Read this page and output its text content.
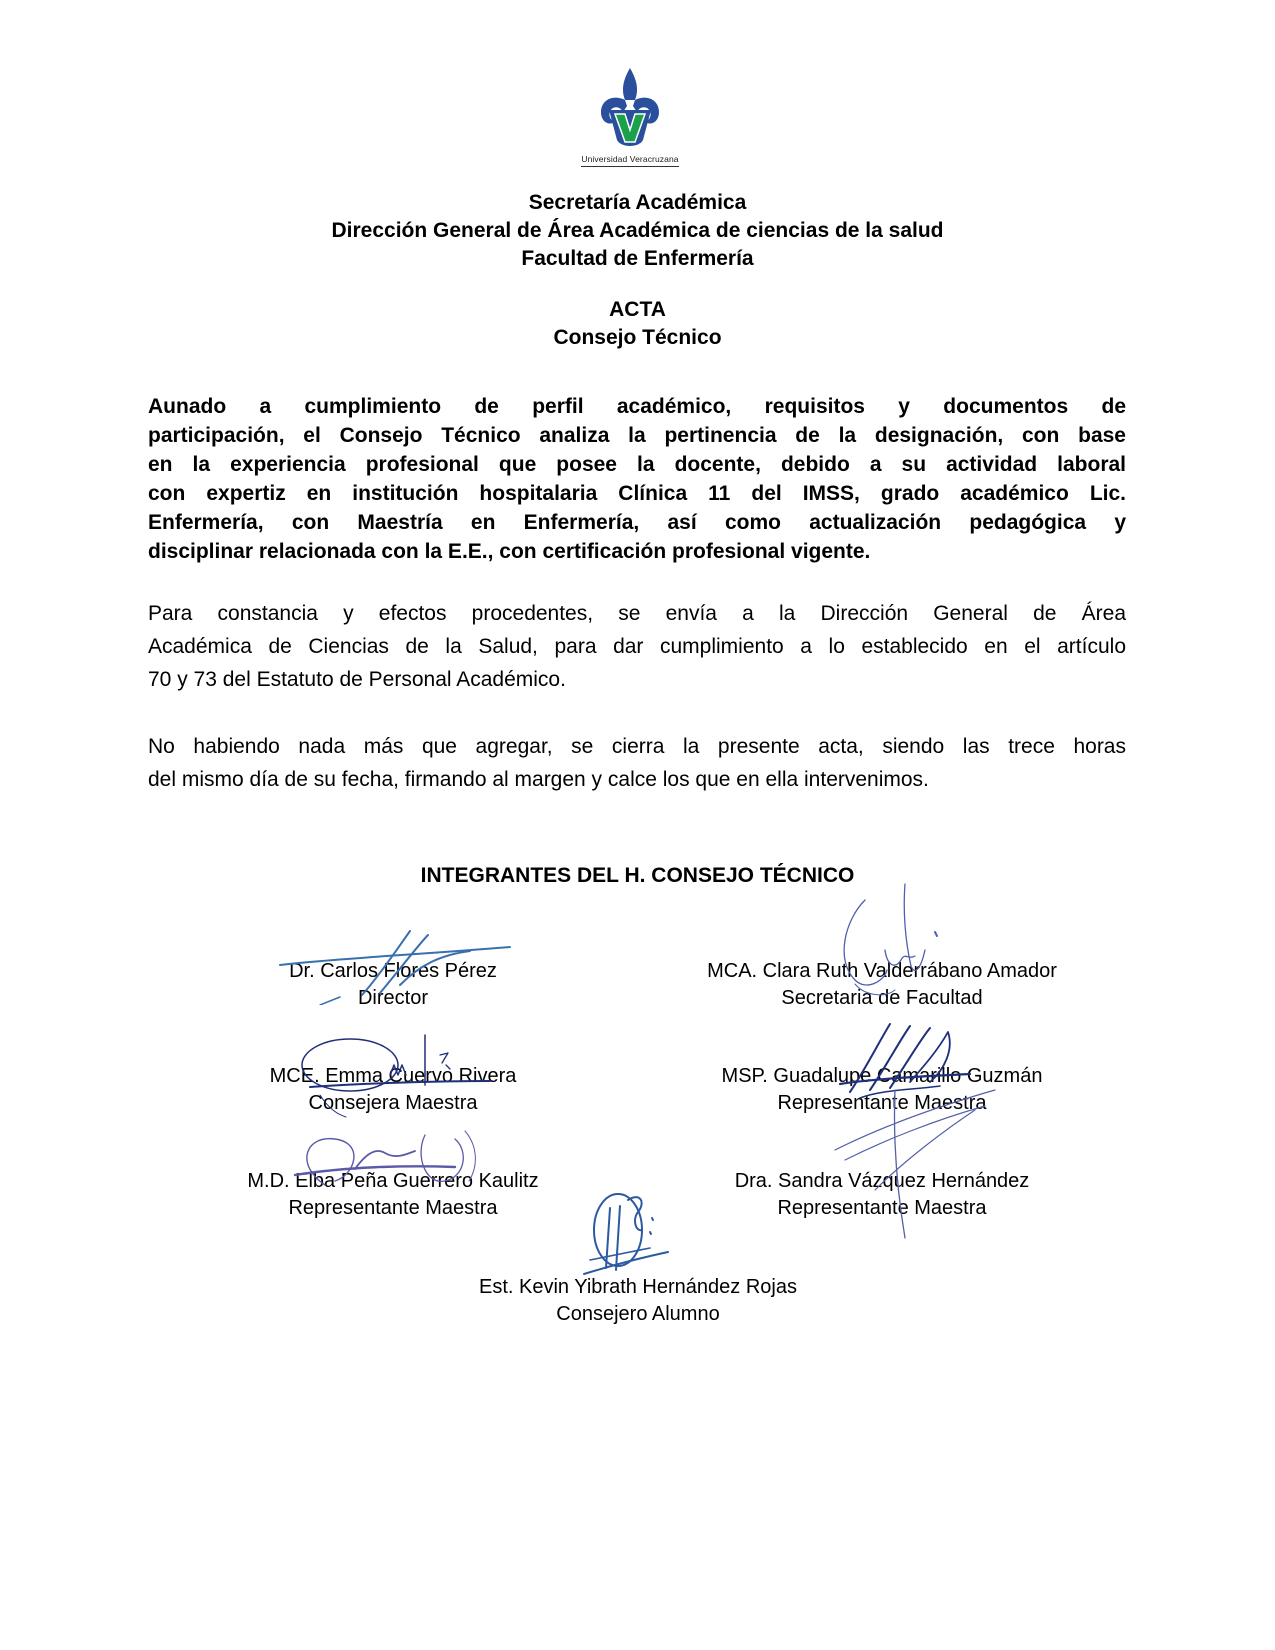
Universidad Veracruzana
Secretaría Académica
Dirección General de Área Académica de ciencias de la salud
Facultad de Enfermería
ACTA
Consejo Técnico
Aunado a cumplimiento de perfil académico, requisitos y documentos de
participación, el Consejo Técnico analiza la pertinencia de la designación, con base
en la experiencia profesional que posee la docente, debido a su actividad laboral
con expertiz en institución hospitalaria Clínica 11 del IMSS, grado académico Lic.
Enfermería, con Maestría en Enfermería, así como actualización pedagógica y
disciplinar relacionada con la E.E., con certificación profesional vigente.
Para constancia y efectos procedentes, se envía a la Dirección General de Área
Académica de Ciencias de la Salud, para dar cumplimiento a lo establecido en el artículo
70 y 73 del Estatuto de Personal Académico.
No habiendo nada más que agregar, se cierra la presente acta, siendo las trece horas
del mismo día de su fecha, firmando al margen y calce los que en ella intervenimos.
INTEGRANTES DEL H. CONSEJO TÉCNICO
Dr. Carlos Flores Pérez
Director
MCA. Clara Ruth Valderrábano Amador
Secretaria de Facultad
MCE. Emma Cuervo Rivera
Consejera Maestra
MSP. Guadalupe Camarillo Guzmán
Representante Maestra
M.D. Elba Peña Guerrero Kaulitz
Representante Maestra
Dra. Sandra Vázquez Hernández
Representante Maestra
Est. Kevin Yibrath Hernández Rojas
Consejero Alumno
